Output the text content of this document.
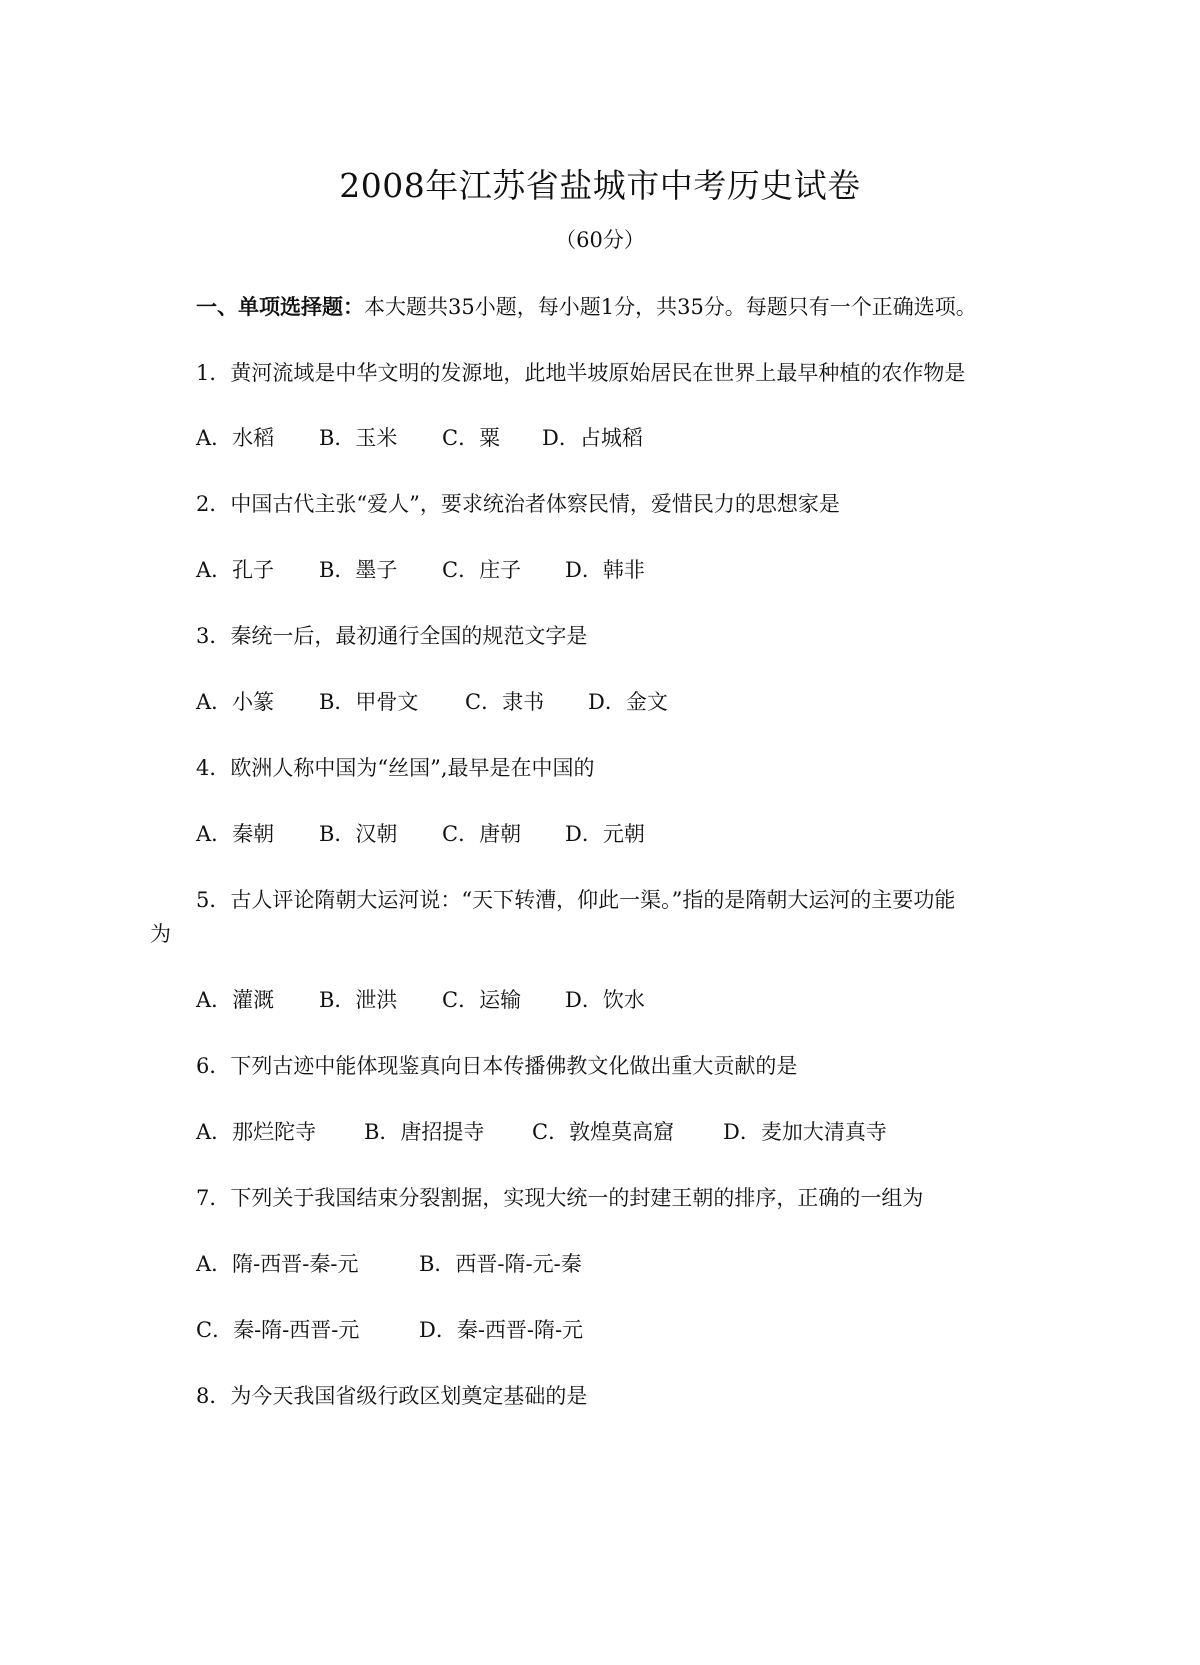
2008年江苏省盐城市中考历史试卷
（60分）
一、单项选择题：本大题共35小题，每小题1分，共35分。每题只有一个正确选项。
1．黄河流域是中华文明的发源地，此地半坡原始居民在世界上最早种植的农作物是
A．水稻 B．玉米 C．粟 D．占城稻
2．中国古代主张“爱人”，要求统治者体察民情，爱惜民力的思想家是
A．孔子 B．墨子 C．庄子 D．韩非
3．秦统一后，最初通行全国的规范文字是
A．小篆 B．甲骨文 C．隶书 D．金文
4．欧洲人称中国为“丝国”,最早是在中国的
A．秦朝 B．汉朝 C．唐朝 D．元朝
5．古人评论隋朝大运河说：“天下转漕，仰此一渠。”指的是隋朝大运河的主要功能
为
A．灌溉 B．泄洪 C．运输 D．饮水
6．下列古迹中能体现鉴真向日本传播佛教文化做出重大贡献的是
A．那烂陀寺 B．唐招提寺 C．敦煌莫高窟 D．麦加大清真寺
7．下列关于我国结束分裂割据，实现大统一的封建王朝的排序，正确的一组为
A．隋-西晋-秦-元	B．西晋-隋-元-秦
C．秦-隋-西晋-元	D．秦-西晋-隋-元
8．为今天我国省级行政区划奠定基础的是
